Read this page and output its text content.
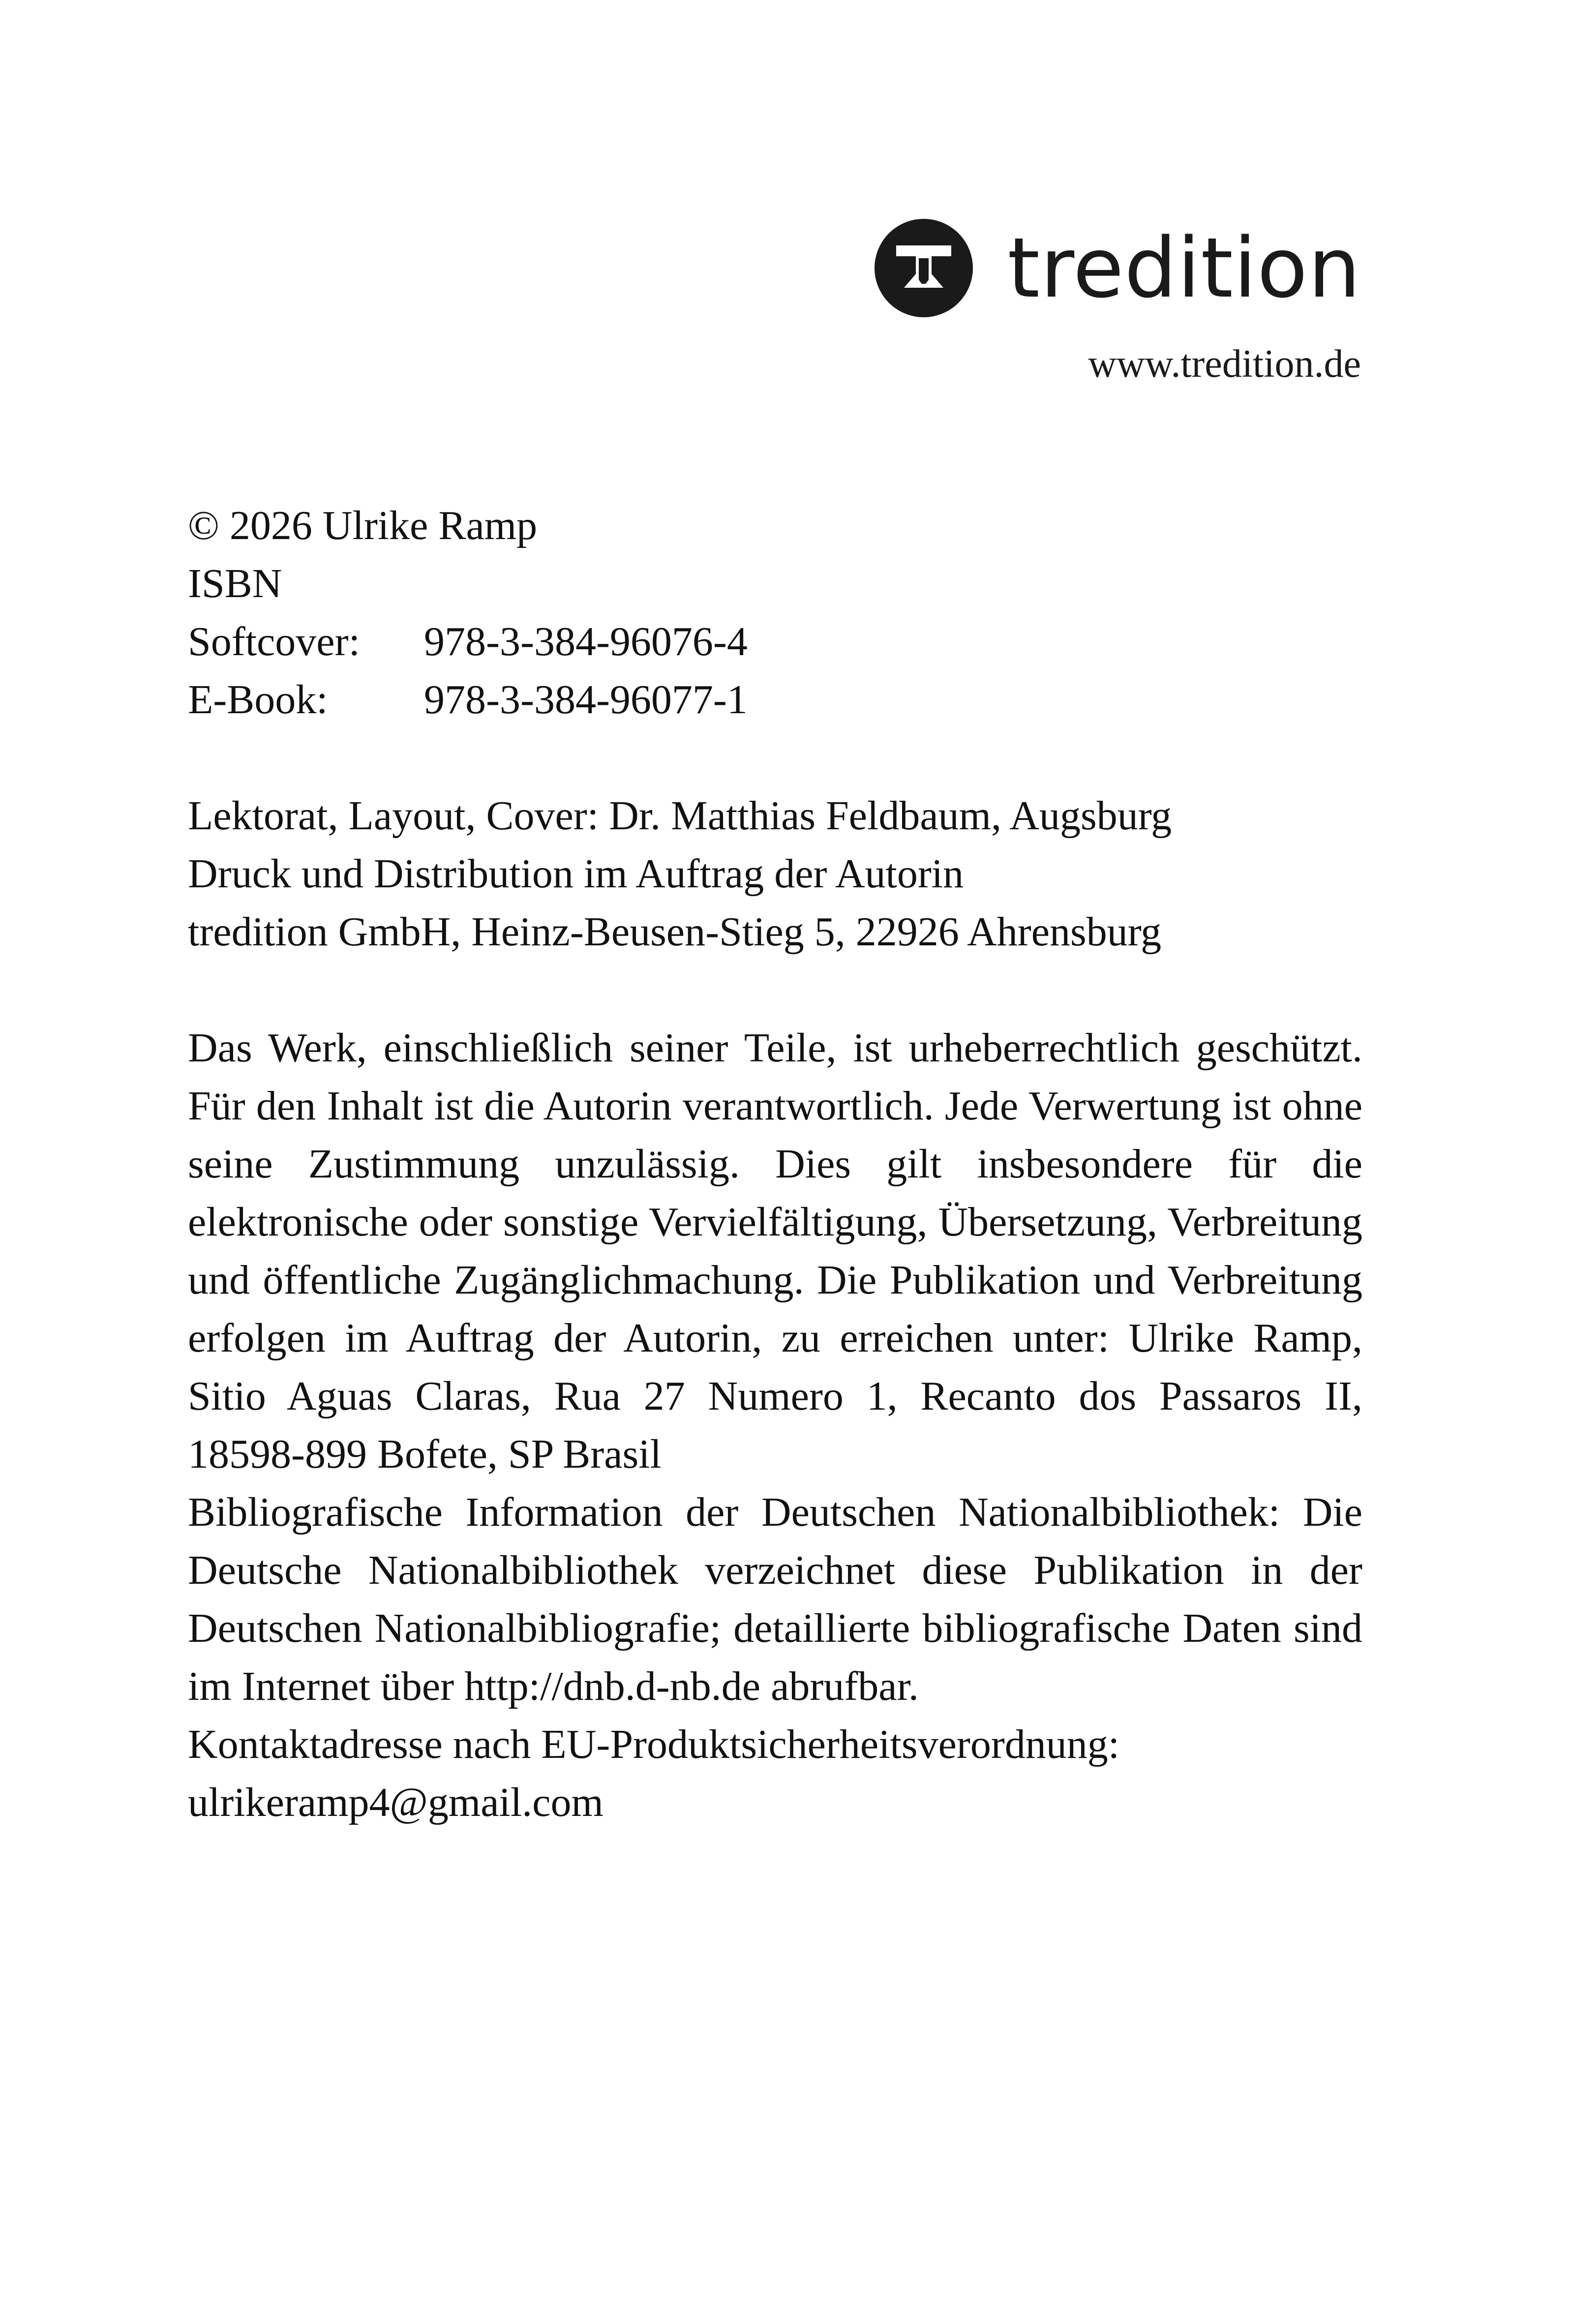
tredition
www.tredition.de

© 2026 Ulrike Ramp

ISBN

Softcover:	978-3-384-96076-4
E-Book:	978-3-384-96077-1

Lektorat, Layout, Cover: Dr. Matthias Feldbaum, Augsburg

Druck und Distribution im Auftrag der Autorin

tredition GmbH, Heinz-Beusen-Stieg 5, 22926 Ahrensburg

Das Werk, einschließlich seiner Teile, ist urheberrechtlich geschützt. Für den Inhalt ist die Autorin verantwortlich. Jede Verwertung ist ohne seine Zustimmung unzulässig. Dies gilt insbesondere für die elektronische oder sonstige Vervielfältigung, Übersetzung, Verbreitung und öffentliche Zugänglichmachung. Die Publikation und Verbreitung erfolgen im Auftrag der Autorin, zu erreichen unter: Ulrike Ramp, Sitio Aguas Claras, Rua 27 Numero 1, Recanto dos Passaros II, 18598-899 Bofete, SP Brasil

Bibliografische Information der Deutschen Nationalbibliothek: Die Deutsche Nationalbibliothek verzeichnet diese Publikation in der Deutschen Nationalbibliografie; detaillierte bibliografische Daten sind im Internet über http://dnb.d-nb.de abrufbar.

Kontaktadresse nach EU-Produktsicherheitsverordnung:

ulrikeramp4@gmail.com
